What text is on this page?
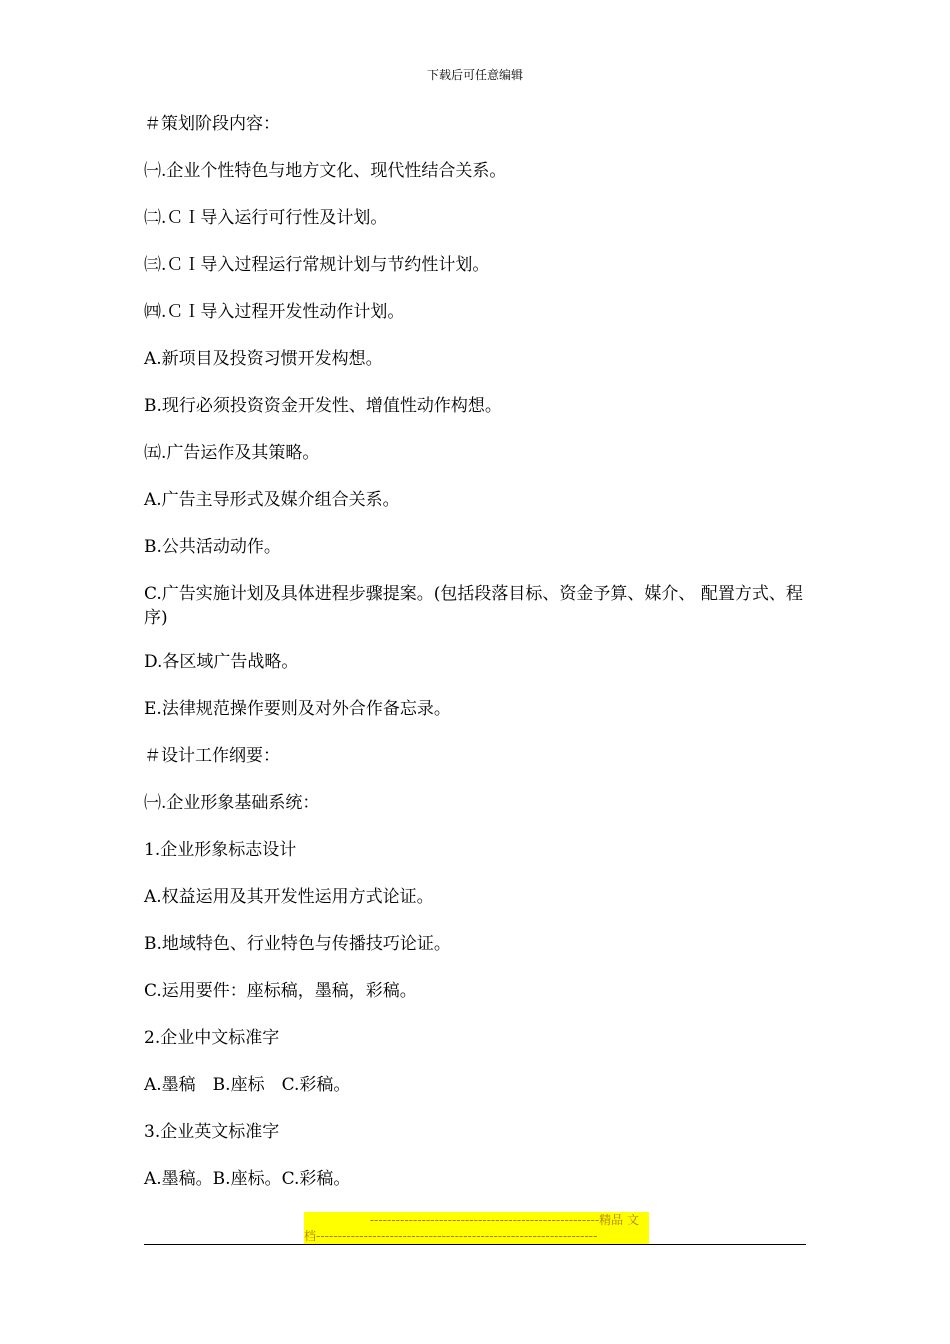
下载后可任意编辑

＃策划阶段内容：

㈠.企业个性特色与地方文化、现代性结合关系。

㈡.ＣＩ导入运行可行性及计划。

㈢.ＣＩ导入过程运行常规计划与节约性计划。

㈣.ＣＩ导入过程开发性动作计划。

A.新项目及投资习惯开发构想。

B.现行必须投资资金开发性、增值性动作构想。

㈤.广告运作及其策略。

A.广告主导形式及媒介组合关系。

B.公共活动动作。

C.广告实施计划及具体进程步骤提案。(包括段落目标、资金予算、媒介、 配置方式、程序)

D.各区域广告战略。

E.法律规范操作要则及对外合作备忘录。

＃设计工作纲要：

㈠.企业形象基础系统：

1.企业形象标志设计

A.权益运用及其开发性运用方式论证。

B.地域特色、行业特色与传播技巧论证。

C.运用要件：座标稿，墨稿，彩稿。

2.企业中文标准字

A.墨稿　B.座标　C.彩稿。

3.企业英文标准字

A.墨稿。B.座标。C.彩稿。

-----------------------------------------------------精品 文
档-----------------------------------------------------------------
